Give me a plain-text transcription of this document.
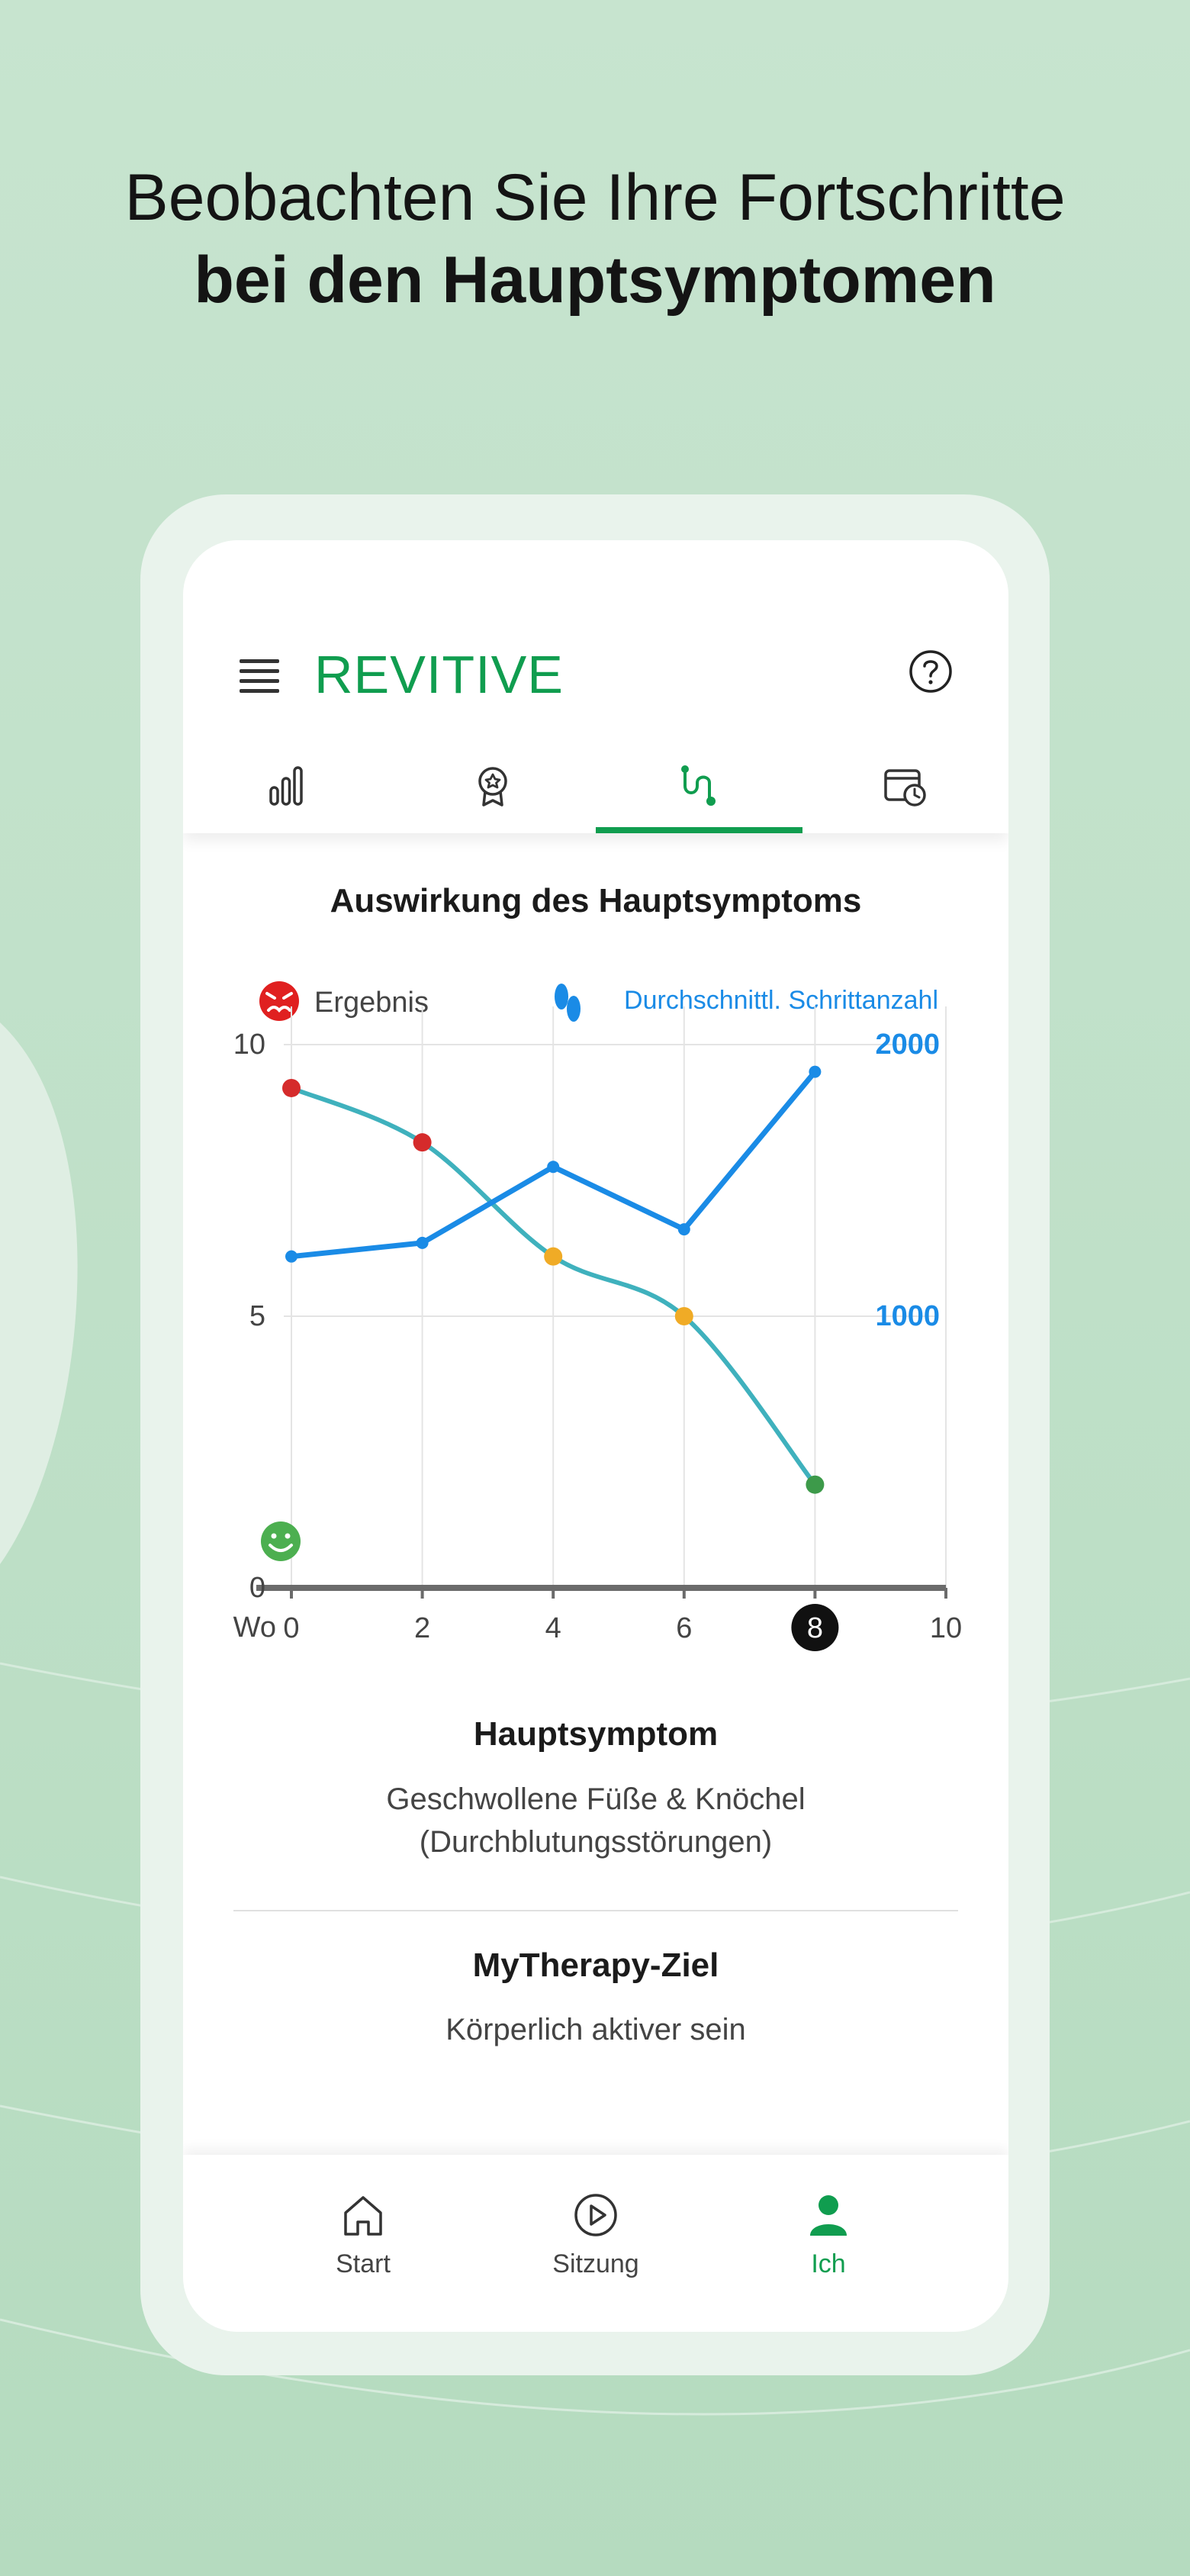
Beobachten Sie Ihre Fortschritte
bei den Hauptsymptomen
REVITIVE
Auswirkung des Hauptsymptoms
Ergebnis	Durchschnittl. Schrittanzahl
10
5
0
2000
1000
Wo 0	2	4	6	8	10
Hauptsymptom
Geschwollene Füße & Knöchel
(Durchblutungsstörungen)
MyTherapy-Ziel
Körperlich aktiver sein
Start	Sitzung	Ich
